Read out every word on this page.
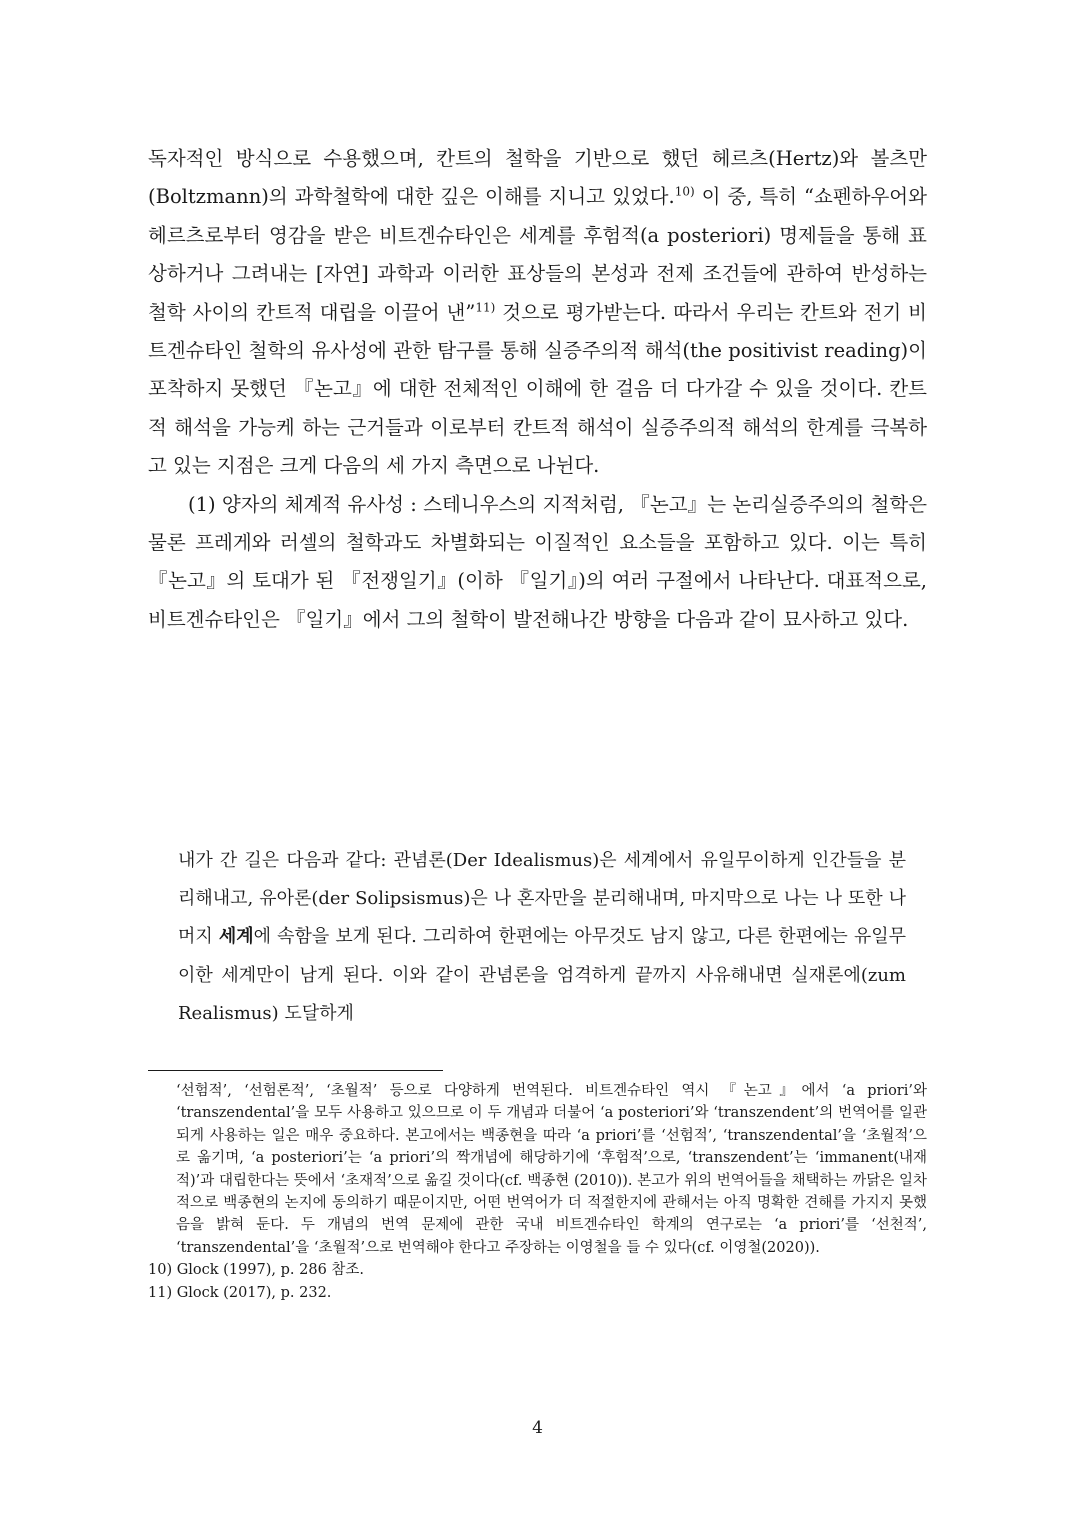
독자적인 방식으로 수용했으며, 칸트의 철학을 기반으로 했던 헤르츠(Hertz)와 볼츠만(Boltzmann)의 과학철학에 대한 깊은 이해를 지니고 있었다.$^{10)}$ 이 중, 특히 “쇼펜하우어와 헤르츠로부터 영감을 받은 비트겐슈타인은 세계를 후험적(a posteriori) 명제들을 통해 표상하거나 그려내는 [자연] 과학과 이러한 표상들의 본성과 전제 조건들에 관하여 반성하는 철학 사이의 칸트적 대립을 이끌어 낸”$^{11)}$ 것으로 평가받는다. 따라서 우리는 칸트와 전기 비트겐슈타인 철학의 유사성에 관한 탐구를 통해 실증주의적 해석(the positivist reading)이 포착하지 못했던 『논고』에 대한 전체적인 이해에 한 걸음 더 다가갈 수 있을 것이다. 칸트적 해석을 가능케 하는 근거들과 이로부터 칸트적 해석이 실증주의적 해석의 한계를 극복하고 있는 지점은 크게 다음의 세 가지 측면으로 나뉜다.

(1) 양자의 체계적 유사성 : 스테니우스의 지적처럼, 『논고』는 논리실증주의의 철학은 물론 프레게와 러셀의 철학과도 차별화되는 이질적인 요소들을 포함하고 있다. 이는 특히 『논고』의 토대가 된 『전쟁일기』(이하 『일기』)의 여러 구절에서 나타난다. 대표적으로, 비트겐슈타인은 『일기』에서 그의 철학이 발전해나간 방향을 다음과 같이 묘사하고 있다.

내가 간 길은 다음과 같다: 관념론(Der Idealismus)은 세계에서 유일무이하게 인간들을 분리해내고, 유아론(der Solipsismus)은 나 혼자만을 분리해내며, 마지막으로 나는 나 또한 나머지 세계에 속함을 보게 된다. 그리하여 한편에는 아무것도 남지 않고, 다른 한편에는 유일무이한 세계만이 남게 된다. 이와 같이 관념론을 엄격하게 끝까지 사유해내면 실재론에(zum Realismus) 도달하게

‘선험적’, ‘선험론적’, ‘초월적’ 등으로 다양하게 번역된다. 비트겐슈타인 역시 『논고』에서 ‘a priori’와 ‘transzendental’을 모두 사용하고 있으므로 이 두 개념과 더불어 ‘a posteriori’와 ‘transzendent’의 번역어를 일관되게 사용하는 일은 매우 중요하다. 본고에서는 백종현을 따라 ‘a priori’를 ‘선험적’, ‘transzendental’을 ‘초월적’으로 옮기며, ‘a posteriori’는 ‘a priori’의 짝개념에 해당하기에 ‘후험적’으로, ‘transzendent’는 ‘immanent(내재적)’과 대립한다는 뜻에서 ‘초재적’으로 옮길 것이다(cf. 백종현 (2010)). 본고가 위의 번역어들을 채택하는 까닭은 일차적으로 백종현의 논지에 동의하기 때문이지만, 어떤 번역어가 더 적절한지에 관해서는 아직 명확한 견해를 가지지 못했음을 밝혀 둔다. 두 개념의 번역 문제에 관한 국내 비트겐슈타인 학계의 연구로는 ‘a priori’를 ‘선천적’, ‘transzendental’을 ‘초월적’으로 번역해야 한다고 주장하는 이영철을 들 수 있다(cf. 이영철(2020)).

10) Glock (1997), p. 286 참조.

11) Glock (2017), p. 232.

4
